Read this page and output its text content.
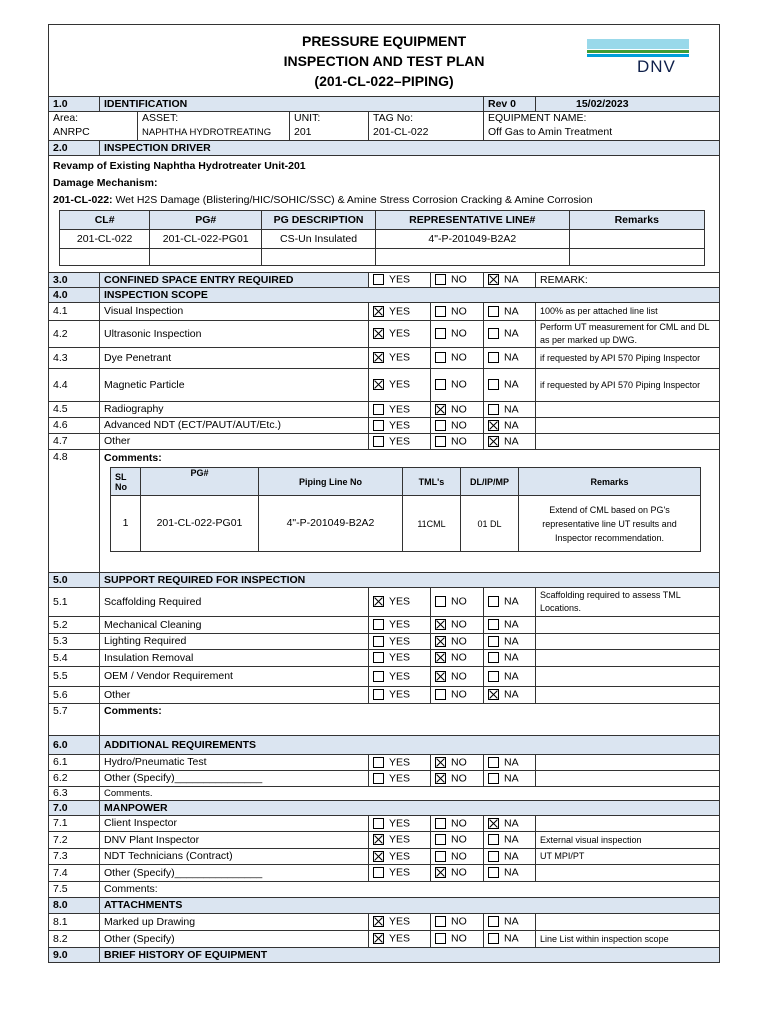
PRESSURE EQUIPMENT
INSPECTION AND TEST PLAN
(201-CL-022–PIPING)
DNV

1.0	IDENTIFICATION	Rev 0	15/02/2023
Area:	ASSET:	UNIT:	TAG No:	EQUIPMENT NAME:
ANRPC	NAPHTHA HYDROTREATING	201	201-CL-022	Off Gas to Amin Treatment
2.0	INSPECTION DRIVER

Revamp of Existing Naphtha Hydrotreater Unit-201
Damage Mechanism:
201-CL-022: Wet H2S Damage (Blistering/HIC/SOHIC/SSC) & Amine Stress Corrosion Cracking & Amine Corrosion
CL#	PG#	PG DESCRIPTION	REPRESENTATIVE LINE#	Remarks
201-CL-022	201-CL-022-PG01	CS-Un Insulated	4"-P-201049-B2A2	

3.0	CONFINED SPACE ENTRY REQUIRED	YES	NO	NA	REMARK:
4.0	INSPECTION SCOPE
4.1	Visual Inspection	YES	NO	NA	100% as per attached line list
4.2	Ultrasonic Inspection	YES	NO	NA	Perform UT measurement for CML and DL as per marked up DWG.
4.3	Dye Penetrant	YES	NO	NA	if requested by API 570 Piping Inspector
4.4	Magnetic Particle	YES	NO	NA	if requested by API 570 Piping Inspector
4.5	Radiography	YES	NO	NA	
4.6	Advanced NDT (ECT/PAUT/AUT/Etc.)	YES	NO	NA	
4.7	Other	YES	NO	NA	
4.8	Comments:
SL No	PG#	Piping Line No	TML's	DL/IP/MP	Remarks
1	201-CL-022-PG01	4"-P-201049-B2A2	11CML	01 DL	Extend of CML based on PG's representative line UT results and Inspector recommendation.

5.0	SUPPORT REQUIRED FOR INSPECTION
5.1	Scaffolding Required	YES	NO	NA	Scaffolding required to assess TML Locations.
5.2	Mechanical Cleaning	YES	NO	NA	
5.3	Lighting Required	YES	NO	NA	
5.4	Insulation Removal	YES	NO	NA	
5.5	OEM / Vendor Requirement	YES	NO	NA	
5.6	Other	YES	NO	NA	
5.7	Comments:
6.0	ADDITIONAL REQUIREMENTS
6.1	Hydro/Pneumatic Test	YES	NO	NA	
6.2	Other (Specify)_______________	YES	NO	NA	
6.3	Comments.
7.0	MANPOWER
7.1	Client Inspector	YES	NO	NA	
7.2	DNV Plant Inspector	YES	NO	NA	External visual inspection
7.3	NDT Technicians (Contract)	YES	NO	NA	UT MPI/PT
7.4	Other (Specify)_______________	YES	NO	NA	
7.5	Comments:
8.0	ATTACHMENTS
8.1	Marked up Drawing	YES	NO	NA	
8.2	Other (Specify)	YES	NO	NA	Line List within inspection scope
9.0	BRIEF HISTORY OF EQUIPMENT
